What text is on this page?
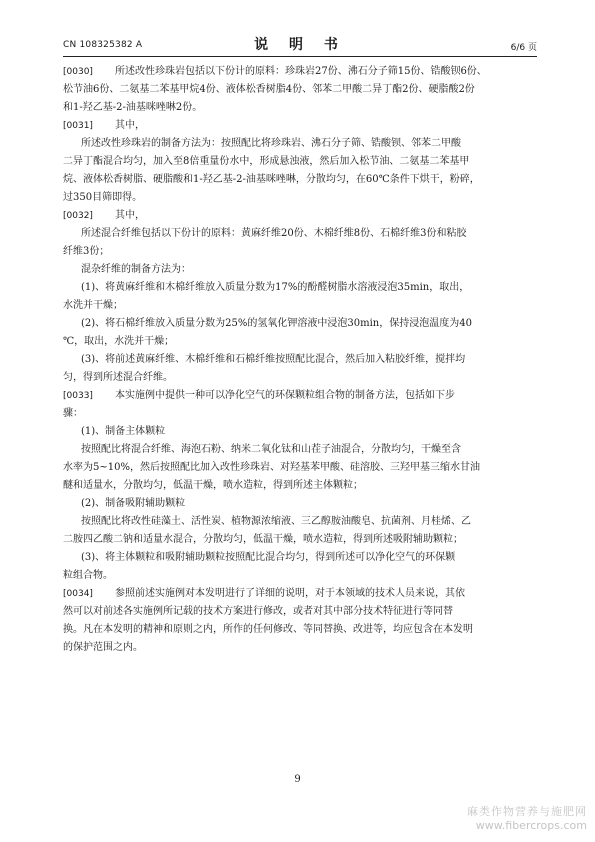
CN 108325382 A	说 明 书	6/6 页
[0030] 所述改性珍珠岩包括以下份计的原料：珍珠岩27份、沸石分子筛15份、锆酸钡6份、
松节油6份、二氨基二苯基甲烷4份、液体松香树脂4份、邻苯二甲酸二异丁酯2份、硬脂酸2份
和1-羟乙基-2-油基咪唑啉2份。
[0031] 其中，
所述改性珍珠岩的制备方法为：按照配比将珍珠岩、沸石分子筛、锆酸钡、邻苯二甲酸
二异丁酯混合均匀，加入至8倍重量份水中，形成悬浊液，然后加入松节油、二氨基二苯基甲
烷、液体松香树脂、硬脂酸和1-羟乙基-2-油基咪唑啉，分散均匀，在60℃条件下烘干，粉碎，
过350目筛即得。
[0032] 其中，
所述混合纤维包括以下份计的原料：黄麻纤维20份、木棉纤维8份、石棉纤维3份和粘胶
纤维3份；
混杂纤维的制备方法为：
(1)、将黄麻纤维和木棉纤维放入质量分数为17%的酚醛树脂水溶液浸泡35min，取出，
水洗并干燥；
(2)、将石棉纤维放入质量分数为25%的氢氧化钾溶液中浸泡30min，保持浸泡温度为40
℃，取出，水洗并干燥；
(3)、将前述黄麻纤维、木棉纤维和石棉纤维按照配比混合，然后加入粘胶纤维，搅拌均
匀，得到所述混合纤维。
[0033] 本实施例中提供一种可以净化空气的环保颗粒组合物的制备方法，包括如下步
骤：
(1)、制备主体颗粒
按照配比将混合纤维、海泡石粉、纳米二氧化钛和山茬子油混合，分散均匀，干燥至含
水率为5~10%，然后按照配比加入改性珍珠岩、对羟基苯甲酸、硅溶胶、三羟甲基三缩水甘油
醚和适量水，分散均匀，低温干燥，喷水造粒，得到所述主体颗粒；
(2)、制备吸附辅助颗粒
按照配比将改性硅藻土、活性炭、植物源浓缩液、三乙醇胺油酸皂、抗菌剂、月桂烯、乙
二胺四乙酸二钠和适量水混合，分散均匀，低温干燥，喷水造粒，得到所述吸附辅助颗粒；
(3)、将主体颗粒和吸附辅助颗粒按照配比混合均匀，得到所述可以净化空气的环保颗
粒组合物。
[0034] 参照前述实施例对本发明进行了详细的说明，对于本领域的技术人员来说，其依
然可以对前述各实施例所记载的技术方案进行修改，或者对其中部分技术特征进行等同替
换。凡在本发明的精神和原则之内，所作的任何修改、等同替换、改进等，均应包含在本发明
的保护范围之内。
9
麻类作物营养与施肥网
www.fibercrops.com
